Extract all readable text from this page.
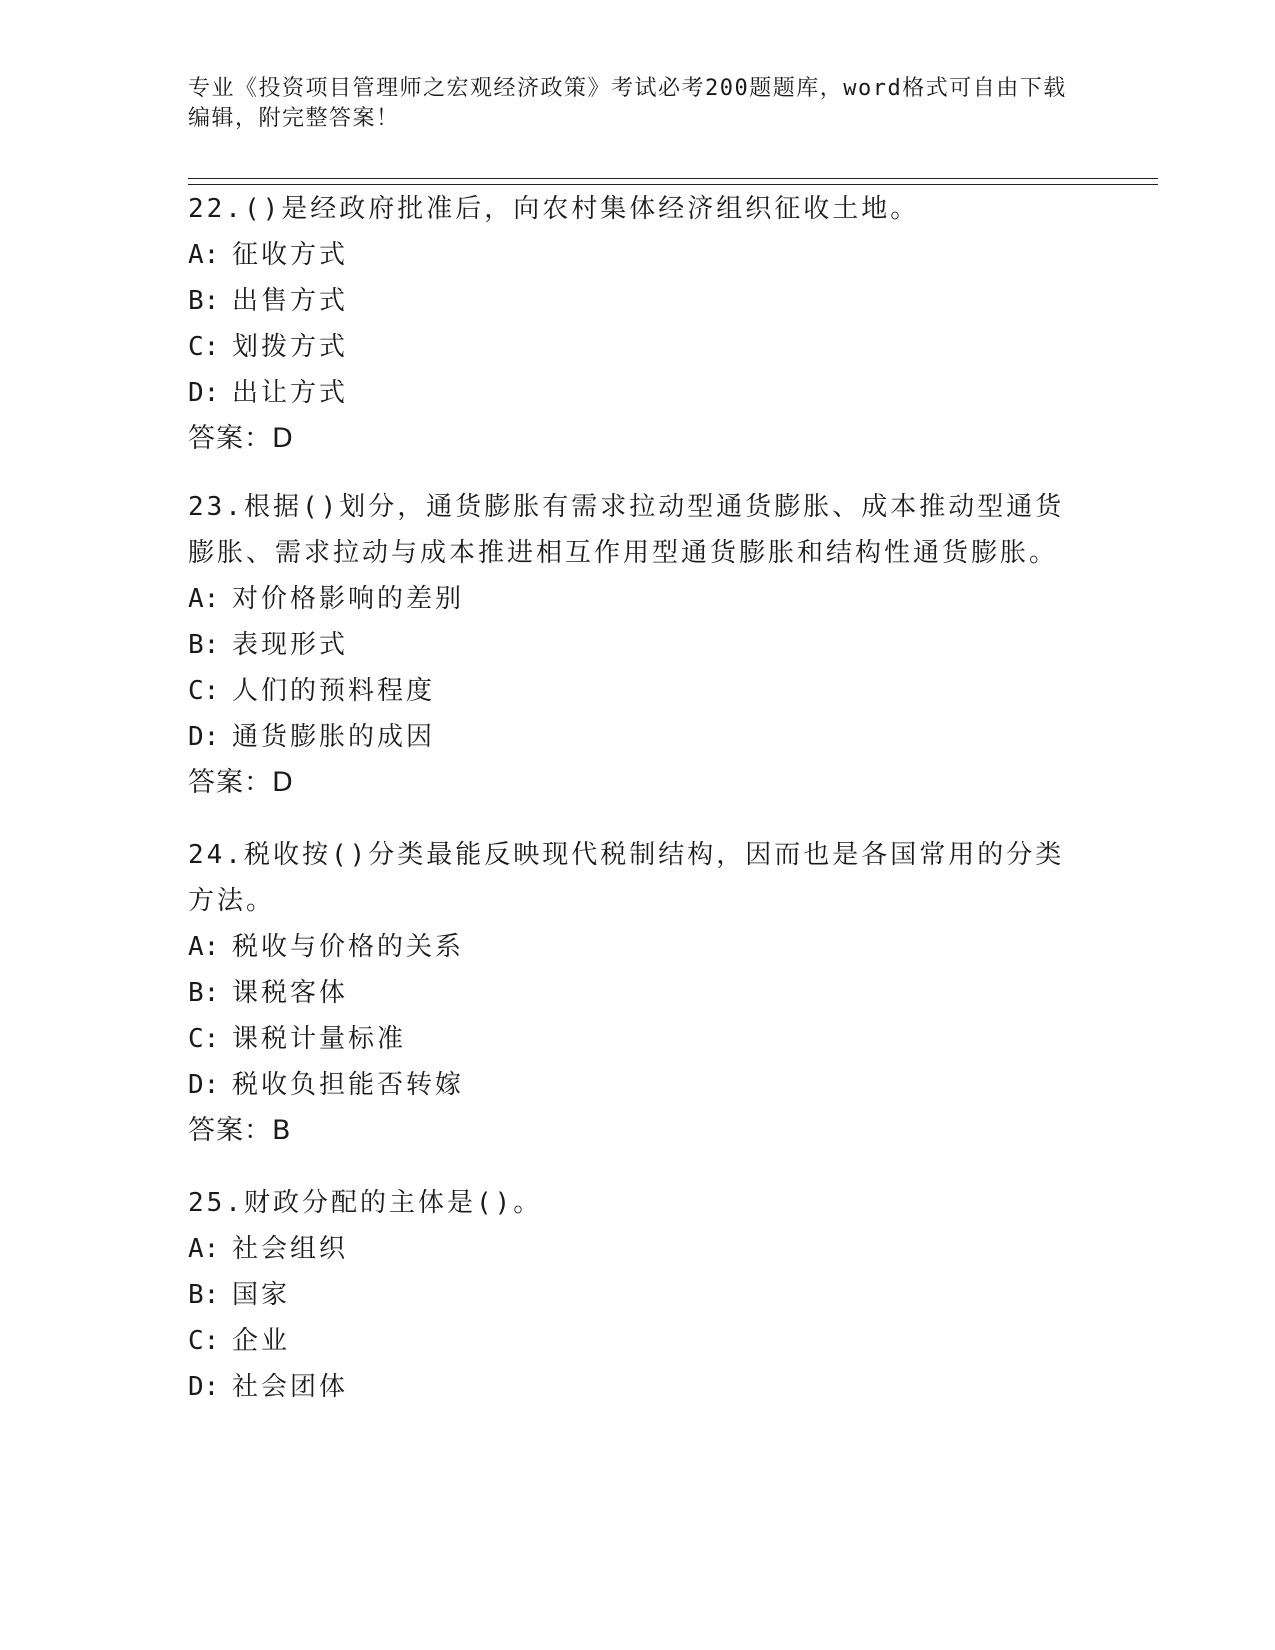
专业《投资项目管理师之宏观经济政策》考试必考200题题库，word格式可自由下载编辑，附完整答案！

22.()是经政府批准后，向农村集体经济组织征收土地。

A: 征收方式

B: 出售方式

C: 划拨方式

D: 出让方式

答案：D

23.根据()划分，通货膨胀有需求拉动型通货膨胀、成本推动型通货膨胀、需求拉动与成本推进相互作用型通货膨胀和结构性通货膨胀。

A: 对价格影响的差别

B: 表现形式

C: 人们的预料程度

D: 通货膨胀的成因

答案：D

24.税收按()分类最能反映现代税制结构，因而也是各国常用的分类方法。

A: 税收与价格的关系

B: 课税客体

C: 课税计量标准

D: 税收负担能否转嫁

答案：B

25.财政分配的主体是()。

A: 社会组织

B: 国家

C: 企业

D: 社会团体
